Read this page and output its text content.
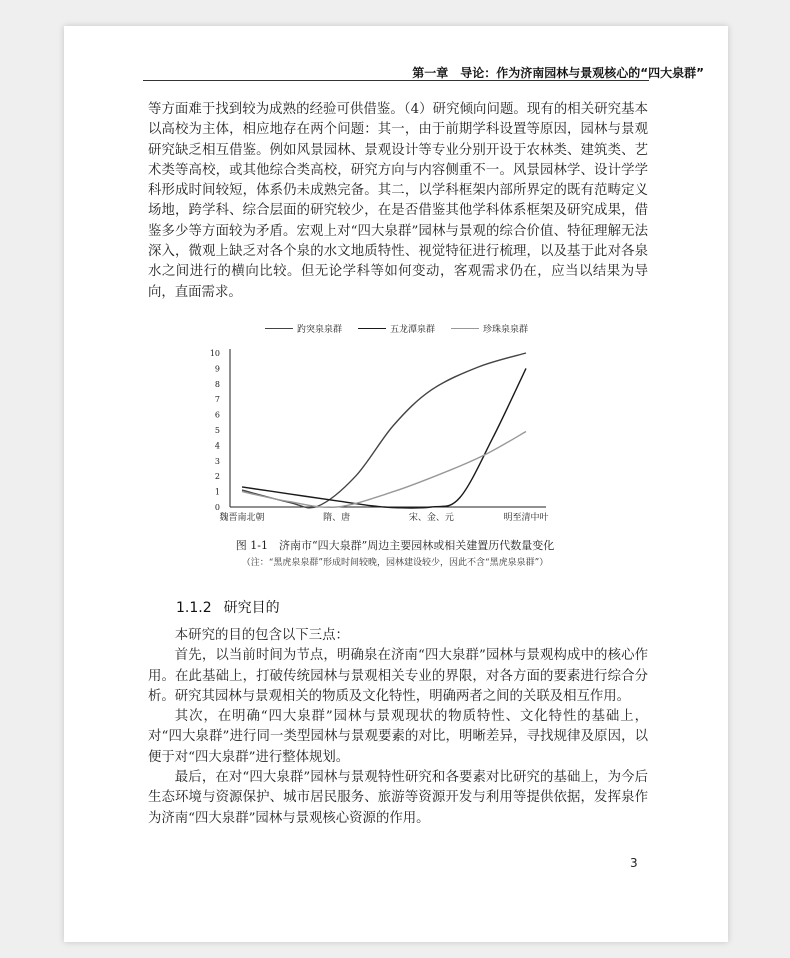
第一章　导论：作为济南园林与景观核心的“四大泉群”

等方面难于找到较为成熟的经验可供借鉴。（4）研究倾向问题。现有的相关研究基本以高校为主体，相应地存在两个问题：其一，由于前期学科设置等原因，园林与景观研究缺乏相互借鉴。例如风景园林、景观设计等专业分别开设于农林类、建筑类、艺术类等高校，或其他综合类高校，研究方向与内容侧重不一。风景园林学、设计学学科形成时间较短，体系仍未成熟完备。其二，以学科框架内部所界定的既有范畴定义场地，跨学科、综合层面的研究较少，在是否借鉴其他学科体系框架及研究成果，借鉴多少等方面较为矛盾。宏观上对“四大泉群”园林与景观的综合价值、特征理解无法深入，微观上缺乏对各个泉的水文地质特性、视觉特征进行梳理，以及基于此对各泉水之间进行的横向比较。但无论学科等如何变动，客观需求仍在，应当以结果为导向，直面需求。

趵突泉泉群	五龙潭泉群	珍珠泉泉群
0
1
2
3
4
5
6
7
8
9
10
魏晋南北朝	隋、唐	宋、金、元	明至清中叶
图 1-1　济南市“四大泉群”周边主要园林或相关建置历代数量变化
（注：“黑虎泉泉群”形成时间较晚，园林建设较少，因此不含“黑虎泉泉群”）
1.1.2 研究目的

本研究的目的包含以下三点：

首先，以当前时间为节点，明确泉在济南“四大泉群”园林与景观构成中的核心作用。在此基础上，打破传统园林与景观相关专业的界限，对各方面的要素进行综合分析。研究其园林与景观相关的物质及文化特性，明确两者之间的关联及相互作用。

其次，在明确“四大泉群”园林与景观现状的物质特性、文化特性的基础上，对“四大泉群”进行同一类型园林与景观要素的对比，明晰差异，寻找规律及原因，以便于对“四大泉群”进行整体规划。

最后，在对“四大泉群”园林与景观特性研究和各要素对比研究的基础上，为今后生态环境与资源保护、城市居民服务、旅游等资源开发与利用等提供依据，发挥泉作为济南“四大泉群”园林与景观核心资源的作用。

3
